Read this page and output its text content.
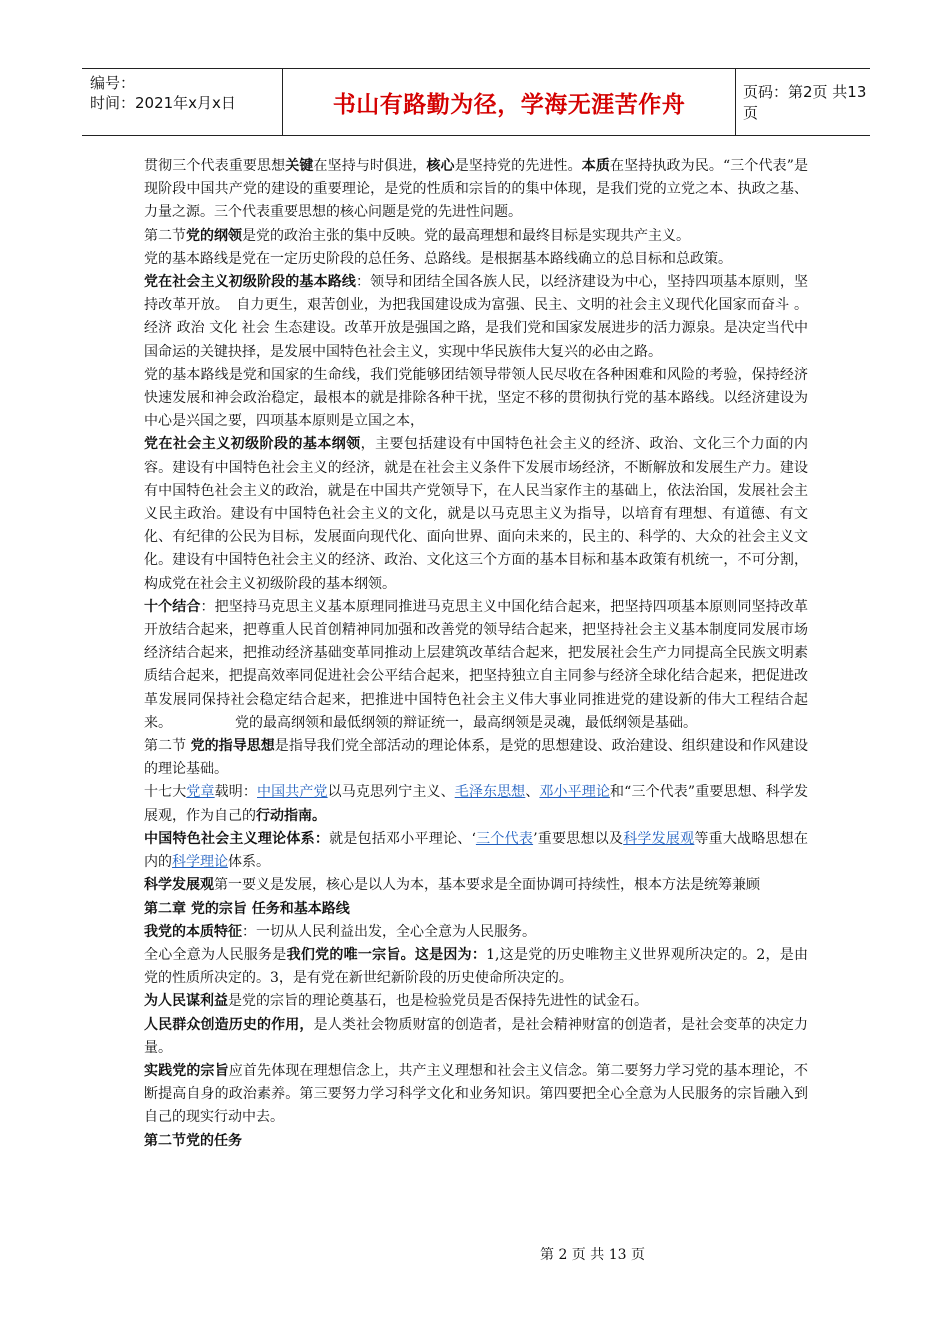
编号：
时间：2021年x月x日	书山有路勤为径，学海无涯苦作舟	页码：第2页 共13页

贯彻三个代表重要思想关键在坚持与时俱进，核心是坚持党的先进性。本质在坚持执政为民。“三个代表”是现阶段中国共产党的建设的重要理论，是党的性质和宗旨的的集中体现，是我们党的立党之本、执政之基、力量之源。三个代表重要思想的核心问题是党的先进性问题。

第二节党的纲领是党的政治主张的集中反映。党的最高理想和最终目标是实现共产主义。

党的基本路线是党在一定历史阶段的总任务、总路线。是根据基本路线确立的总目标和总政策。

党在社会主义初级阶段的基本路线：领导和团结全国各族人民，以经济建设为中心，坚持四项基本原则，坚持改革开放。　自力更生，艰苦创业，为把我国建设成为富强、民主、文明的社会主义现代化国家而奋斗 。经济 政治 文化 社会 生态建设。改革开放是强国之路，是我们党和国家发展进步的活力源泉。是决定当代中国命运的关键抉择，是发展中国特色社会主义，实现中华民族伟大复兴的必由之路。

党的基本路线是党和国家的生命线，我们党能够团结领导带领人民尽收在各种困难和风险的考验，保持经济快速发展和神会政治稳定，最根本的就是排除各种干扰，坚定不移的贯彻执行党的基本路线。以经济建设为中心是兴国之要，四项基本原则是立国之本，

党在社会主义初级阶段的基本纲领，主要包括建设有中国特色社会主义的经济、政治、文化三个力面的内容。建设有中国特色社会主义的经济，就是在社会主义条件下发展市场经济，不断解放和发展生产力。建设有中国特色社会主义的政治，就是在中国共产党领导下，在人民当家作主的基础上，依法治国，发展社会主义民主政治。建设有中国特色社会主义的文化，就是以马克思主义为指导，以培育有理想、有道德、有文化、有纪律的公民为目标，发展面向现代化、面向世界、面向未来的，民主的、科学的、大众的社会主义文化。建设有中国特色社会主义的经济、政治、文化这三个方面的基本目标和基本政策有机统一，不可分割，构成党在社会主义初级阶段的基本纲领。

十个结合：把坚持马克思主义基本原理同推进马克思主义中国化结合起来，把坚持四项基本原则同坚持改革开放结合起来，把尊重人民首创精神同加强和改善党的领导结合起来，把坚持社会主义基本制度同发展市场经济结合起来，把推动经济基础变革同推动上层建筑改革结合起来，把发展社会生产力同提高全民族文明素质结合起来，把提高效率同促进社会公平结合起来，把坚持独立自主同参与经济全球化结合起来，把促进改革发展同保持社会稳定结合起来，把推进中国特色社会主义伟大事业同推进党的建设新的伟大工程结合起来。　　　　　党的最高纲领和最低纲领的辩证统一，最高纲领是灵魂，最低纲领是基础。

第二节 党的指导思想是指导我们党全部活动的理论体系，是党的思想建设、政治建设、组织建设和作风建设的理论基础。

十七大党章载明：中国共产党以马克思列宁主义、毛泽东思想、邓小平理论和“三个代表”重要思想、科学发展观，作为自己的行动指南。

中国特色社会主义理论体系：就是包括邓小平理论、‘三个代表’重要思想以及科学发展观等重大战略思想在内的科学理论体系。

科学发展观第一要义是发展，核心是以人为本，基本要求是全面协调可持续性，根本方法是统筹兼顾

第二章 党的宗旨 任务和基本路线

我党的本质特征：一切从人民利益出发，全心全意为人民服务。

全心全意为人民服务是我们党的唯一宗旨。这是因为：1,这是党的历史唯物主义世界观所决定的。2，是由党的性质所决定的。3，是有党在新世纪新阶段的历史使命所决定的。

为人民谋利益是党的宗旨的理论奠基石，也是检验党员是否保持先进性的试金石。

人民群众创造历史的作用，是人类社会物质财富的创造者，是社会精神财富的创造者，是社会变革的决定力量。

实践党的宗旨应首先体现在理想信念上，共产主义理想和社会主义信念。第二要努力学习党的基本理论，不断提高自身的政治素养。第三要努力学习科学文化和业务知识。第四要把全心全意为人民服务的宗旨融入到自己的现实行动中去。

第二节党的任务

第 2 页 共 13 页
